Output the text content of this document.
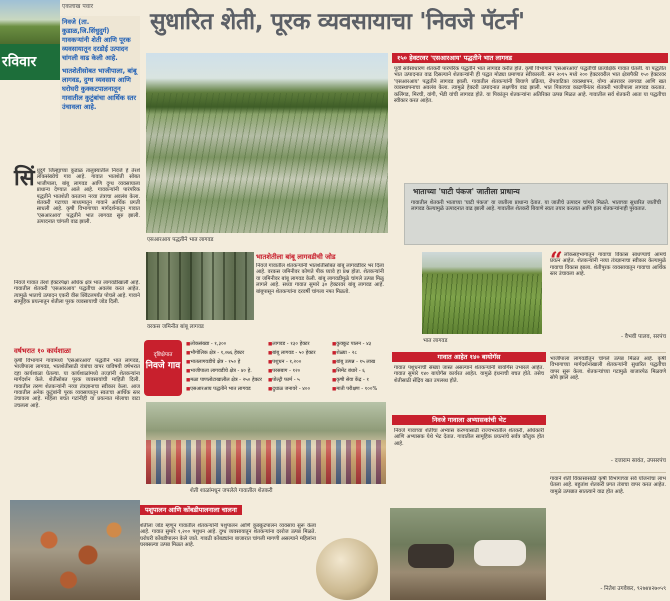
एकलाख पवार
रविवार
सुधारित शेती, पूरक व्यवसायाचा 'निवजे पॅटर्न'
निवजे (ता. कुडाळ,जि.सिंधुदुर्ग) गावकऱ्यांनी शेती आणि पूरक व्यवसायातून दरडोई उत्पादन चांगली वाढ केली आहे.
भातशेतीसोबत भाजीपाला, बांबू लागवड, दुग्ध व्यवसाय आणि घरोघरी कुक्कटपालनातून गावातील कुटुंबांचा आर्थिक स्तर उंचावला आहे.
सिं धुदुर्ग जिल्ह्याच्या कुडाळ तालुक्यातील निवजे हे तेरशे लोकसंख्येचे गाव आहे. गावात भातशेती सोबत भाजीपाला, बांबू लागवड आणि दुग्ध व्यवसायाला प्राधान्य देण्यात आले आहे. गावकऱ्यांनी पारंपरिक पद्धतीने भातशेती करताना नव्या तंत्राचा अवलंब केला. शेतकरी गटाच्या माध्यमातून गावाने आर्थिक प्रगती साधली आहे. कृषी विभागाच्या मार्गदर्शनातून गावात 'एसआरआय' पद्धतीने भात लागवड सुरु झाली. उत्पादनात चांगली वाढ झाली.
निवजे गावात तेरशे हेक्टरपेक्षा अधिक क्षेत्र भात लागवडीखाली आहे. गावातील शेतकरी 'एसआरआय' पद्धतीचा अवलंब करत आहेत. त्यामुळे भाताचे उत्पादन एकरी वीस क्विंटलपर्यंत पोचले आहे. गावाने सामूहिक प्रयत्नातून शेतीला पूरक व्यवसायाची जोड दिली.
वर्षभरात १० कार्यशाळा
कृषी विभागाने गावामध्ये 'एसआरआय' पद्धतीने भात लागवड, भाजीपाला लागवड, भातशेतीसाठी यंत्रांचा वापर याविषयी वर्षभरात दहा कार्यशाळा घेतल्या. या कार्यशाळांमध्ये तज्ज्ञांनी शेतकऱ्यांना मार्गदर्शन केले. शेतीसोबत पूरक व्यवसायांची माहिती दिली. गावातील तरुण शेतकऱ्यांनी नव्या तंत्रज्ञानाचा स्वीकार केला. आज गावातील अनेक कुटुंबांनी पूरक व्यवसायातून स्वतःचा आर्थिक स्तर उंचावला आहे. महिला बचत गटांनीही या प्रयत्नात मोलाचा वाटा उचलला आहे.
एसआरआय पद्धतीने भात लागवड
१५० हेक्टरवर 'एसआरआय' पद्धतीने भात लागवड
पूर्वी सर्वसाधारण शेतकरी पारंपरिक पद्धतीने भात लागवड करीत होते. कृषी विभागाने 'एसआरआय' पद्धतीची प्रात्यक्षिके गावात घेतली. या पद्धतीत भात उत्पादनात वाढ दिसल्याने शेतकऱ्यांनी ही पद्धत मोठ्या प्रमाणात स्वीकारली. सन २०१५ मध्ये २०० हेक्टरवरील भात क्षेत्रापैकी १५० हेक्टरवर 'एसआरआय' पद्धतीने लागवड झाली. गावातील शेतकऱ्यांनी बियाणे प्रक्रिया, रोपवाटिका व्यवस्थापन, योग्य अंतरावर लागवड आणि खत व्यवस्थापनाचा अवलंब केला. त्यामुळे हेक्टरी उत्पादनात लक्षणीय वाढ झाली. भात पिकाच्या काढणीनंतर शेतकरी भाजीपाला लागवड करतात. कलिंगड, मिरची, वांगी, भेंडी यांची लागवड होते. या पिकांतून शेतकऱ्यांना अतिरिक्त उत्पन्न मिळत आहे. गावातील सर्व शेतकरी आता या पद्धतीचा स्वीकार करत आहेत.
भाताच्या 'घाटी पंकज' जातीला प्राधान्य
गावातील शेतकरी भाताच्या 'घाटी पंकज' या जातीला प्राधान्य देतात. या जातीचे उत्पादन चांगले मिळते. भाताच्या सुधारित जातींची लागवड केल्यामुळे उत्पादनात वाढ झाली आहे. गावातील शेतकरी बियाणे स्वतः तयार करतात आणि इतर शेतकऱ्यांनाही पुरवतात.
वरकस जमिनीत बांबू लागवड
भातशेतीला बांबू लागवडीची जोड
निवजे गावातील शेतकऱ्यांनी भातशेतीसोबत बांबू लागवडीवर भर दिला आहे. वरकस जमिनीवर कोणते पीक घ्यावे हा प्रश्न होता. शेतकऱ्यांनी या जमिनीवर बांबू लागवड केली. बांबू लागवडीमुळे चांगले उत्पन्न मिळू लागले आहे. सध्या गावात सुमारे ३० हेक्टरवर बांबू लागवड आहे. बांबूपासून शेतकऱ्यांना दरवर्षी चांगला नफा मिळतो.
भात लागवड
दृष्टिक्षेपात
निवजे गाव
■ लोकसंख्या - १,३००
■ भौगोलिक क्षेत्र - १,०७६ हेक्टर
■ भातलागवडीचे क्षेत्र - १५० हे
■ भाजीपाला लागवडीचे क्षेत्र - ४० हे.
■ मळा पाणलोटाखालील क्षेत्र - २५० हेक्टर
■ एसआरआय पद्धतीने भात लागवड
■ लागवड - १३० हेक्टर
■ बांबू लागवड - ५० हेक्टर
■ पशुधन - १,२००
■ परसबाग - १२०
■ पोल्ट्री फार्म - ५
■ दुधाळ जनावरे - ४००
■ कुक्कुट पालन - ४३
■ शेळ्या - २८
■ बांबू उत्पन्न - १५ लाख
■ सिमेंट बंधारे - ६
■ कृषी सेवा केंद्र - १
■ माती परीक्षण - १००%
शेती शाळांमधून जपलेले गावातील शेतकरी
गावात आहेत १४० बायोगॅस
गावात पशुधनाची संख्या जास्त असल्याने शेतकऱ्यांनी बायोगॅस उभारले आहेत. गावात सुमारे १४० बायोगॅस कार्यरत आहेत. यामुळे इंधनाची बचत होते. तसेच शेतीसाठी सेंद्रिय खत उपलब्ध होते.
निवजे गावाला अभ्यासकांची भेट
निवजे गावाच्या शेतीचा अभ्यास करण्यासाठी राज्यभरातील शेतकरी, अधिकारी आणि अभ्यासक येथे भेट देतात. गावातील सामूहिक प्रयत्नांचे सर्वत्र कौतुक होत आहे.
“ लोकसहभागातून गावाचा विकास साधण्याचे आमचे प्रयत्न आहेत. शेतकऱ्यांनी नव्या तंत्रज्ञानाचा स्वीकार केल्यामुळे गावाचा विकास झाला. शेतीपूरक व्यवसायातून गावाचा आर्थिक स्तर उंचावला आहे.
- वैभवी पालव, सरपंच
भाजीपाला लागवडीतून चांगले उत्पन्न मिळत आहे. कृषी विभागाच्या मार्गदर्शनाखाली शेतकऱ्यांनी सुधारित पद्धतीचा वापर सुरू केला. शेतकऱ्यांच्या गटामुळे बाजारपेठ मिळवणे सोपे झाले आहे.
- दत्ताराम सावंत, उपसरपंच
गावाने शेती विकासासाठी कृषी विभागाच्या सर्व योजनांचा लाभ घेतला आहे. बहुतांश शेतकरी प्रगत तंत्राचा वापर करत आहेत. यामुळे उत्पन्नात सातत्याने वाढ होत आहे.
- नितेश उगवेकर, ९२७४४२७०५९
पशुपालन आणि कोंबडीपालनाला चालना
शेतीला जोड म्हणून गावातील शेतकऱ्यांनी पशुपालन आणि कुक्कुटपालन व्यवसाय सुरू केला आहे. गावात सुमारे १,२०० पशुधन आहे. दुग्ध व्यवसायातून शेतकऱ्यांना दररोज उत्पन्न मिळते. घरोघरी कोंबडीपालन केले जाते. गावठी कोंबड्यांना बाजारात चांगली मागणी असल्याने महिलांना घरबसल्या उत्पन्न मिळत आहे.
